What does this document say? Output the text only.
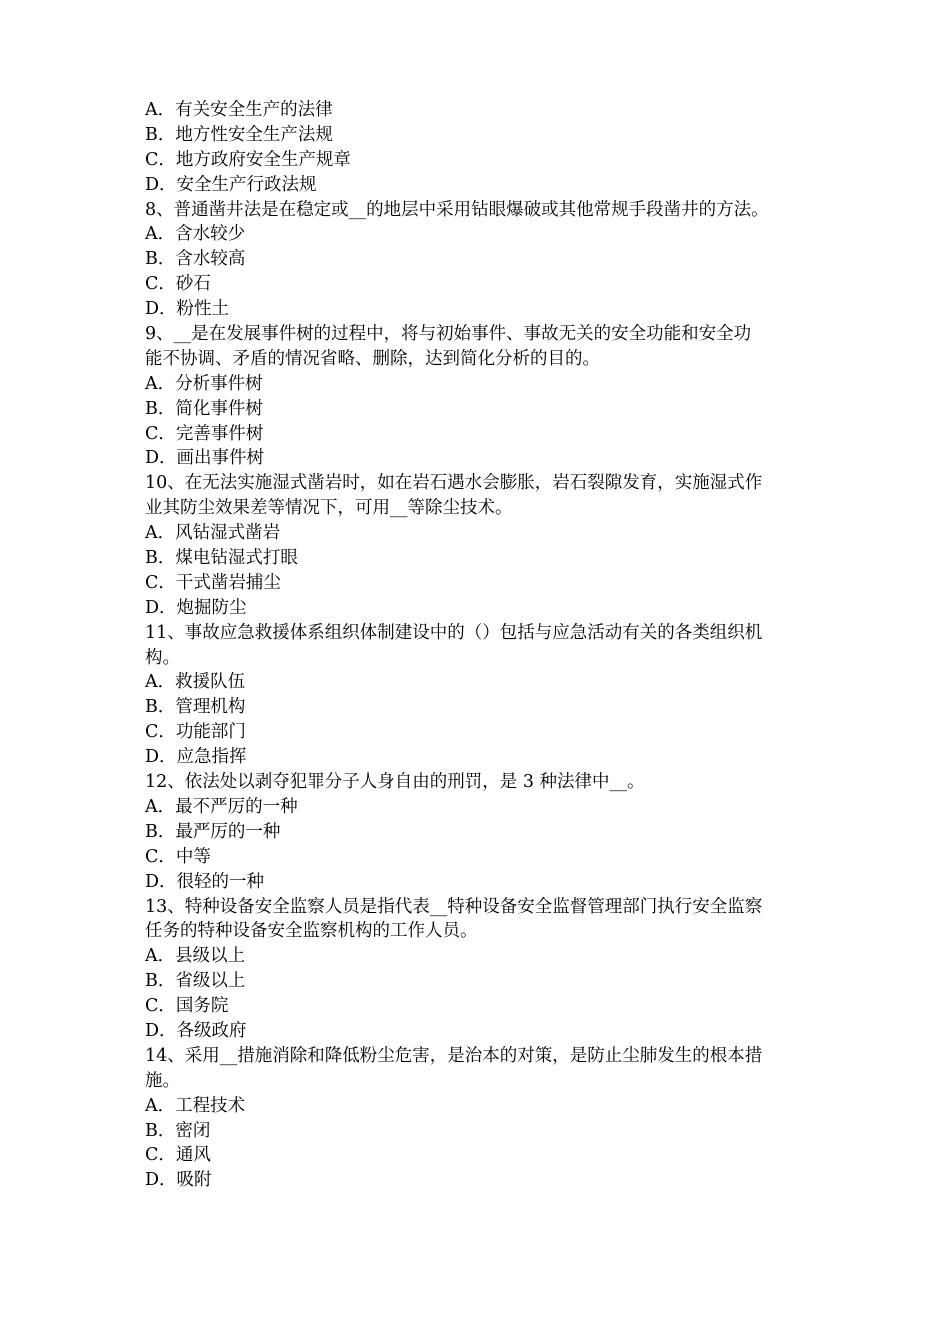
A．有关安全生产的法律
B．地方性安全生产法规
C．地方政府安全生产规章
D．安全生产行政法规
8、普通凿井法是在稳定或__的地层中采用钻眼爆破或其他常规手段凿井的方法。
A．含水较少
B．含水较高
C．砂石
D．粉性土
9、__是在发展事件树的过程中，将与初始事件、事故无关的安全功能和安全功
能不协调、矛盾的情况省略、删除，达到简化分析的目的。
A．分析事件树
B．简化事件树
C．完善事件树
D．画出事件树
10、在无法实施湿式凿岩时，如在岩石遇水会膨胀，岩石裂隙发育，实施湿式作
业其防尘效果差等情况下，可用__等除尘技术。
A．风钻湿式凿岩
B．煤电钻湿式打眼
C．干式凿岩捕尘
D．炮掘防尘
11、事故应急救援体系组织体制建设中的（）包括与应急活动有关的各类组织机
构。
A．救援队伍
B．管理机构
C．功能部门
D．应急指挥
12、依法处以剥夺犯罪分子人身自由的刑罚，是 3 种法律中__。
A．最不严厉的一种
B．最严厉的一种
C．中等
D．很轻的一种
13、特种设备安全监察人员是指代表__特种设备安全监督管理部门执行安全监察
任务的特种设备安全监察机构的工作人员。
A．县级以上
B．省级以上
C．国务院
D．各级政府
14、采用__措施消除和降低粉尘危害，是治本的对策，是防止尘肺发生的根本措
施。
A．工程技术
B．密闭
C．通风
D．吸附
